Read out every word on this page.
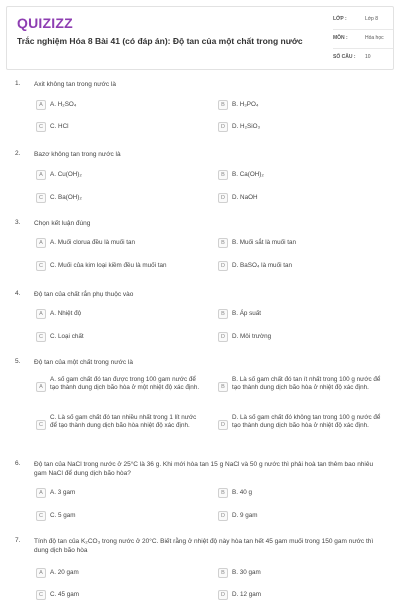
QUIZIZZ
Trắc nghiệm Hóa 8 Bài 41 (có đáp án): Độ tan của một chất trong nước
LỚP :	Lớp 8
MÔN :	Hóa học
SỐ CÂU : 10
1. Axit không tan trong nước là
A	A. H₂SO₄	B	B. H₃PO₄
C	C. HCl	D	D. H₂SiO₃
2. Bazơ không tan trong nước là
A	A. Cu(OH)₂	B	B. Ca(OH)₂
C	C. Ba(OH)₂	D	D. NaOH
3. Chọn kết luận đúng
A	A. Muối clorua đều là muối tan	B	B. Muối sắt là muối tan
C	C. Muối của kim loại kiềm đều là muối tan	D	D. BaSO₄ là muối tan
4. Độ tan của chất rắn phụ thuộc vào
A	A. Nhiệt độ	B	B. Áp suất
C	C. Loại chất	D	D. Môi trường
5. Độ tan của một chất trong nước là
A
A. số gam chất đó tan được trong 100 gam nước để tạo thành dung dịch bão hòa ở một nhiệt độ xác định.	B
B. Là số gam chất đó tan ít nhất trong 100 g nước để tạo thành dung dịch bão hòa ở nhiệt độ xác định.
C
C. Là số gam chất đó tan nhiều nhất trong 1 lít nước để tạo thành dung dịch bão hòa nhiệt độ xác định.	D
D. Là số gam chất đó không tan trong 100 g nước để tạo thành dung dịch bão hòa ở nhiệt độ xác định.
6. Độ tan của NaCl trong nước ở 25°C là 36 g. Khi mới hòa tan 15 g NaCl và 50 g nước thì phải hoà tan thêm bao nhiêu gam NaCl để dung dịch bão hòa?
A	A. 3 gam	B	B. 40 g
C	C. 5 gam	D	D. 9 gam
7. Tính độ tan của K₂CO₃ trong nước ở 20°C. Biết rằng ở nhiệt độ này hòa tan hết 45 gam muối trong 150 gam nước thì dung dịch bão hòa
A	A. 20 gam	B	B. 30 gam
C	C. 45 gam	D	D. 12 gam
